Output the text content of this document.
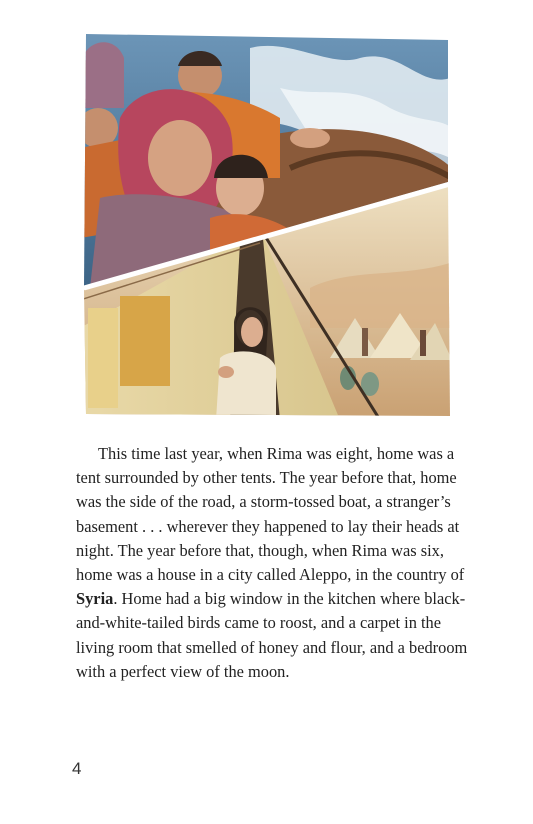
This time last year, when Rima was eight, home was a tent surrounded by other tents. The year before that, home was the side of the road, a storm-tossed boat, a stranger’s basement . . . wherever they happened to lay their heads at night. The year before that, though, when Rima was six, home was a house in a city called Aleppo, in the country of Syria. Home had a big window in the kitchen where black-and-white-tailed birds came to roost, and a carpet in the living room that smelled of honey and flour, and a bedroom with a perfect view of the moon.

4
